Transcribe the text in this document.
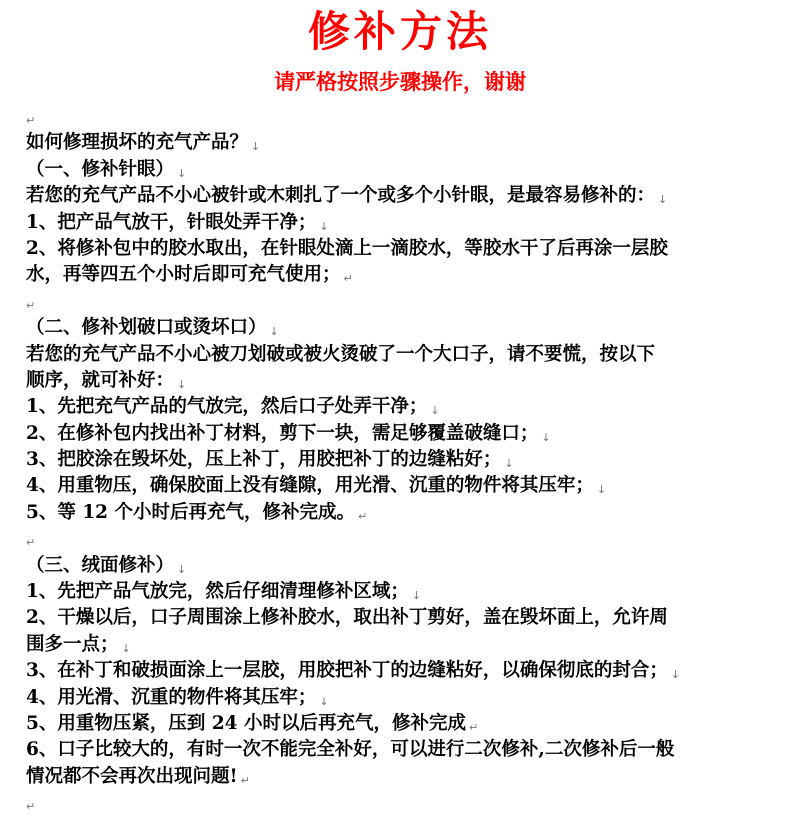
修补方法
请严格按照步骤操作，谢谢
↵
如何修理损坏的充气产品？ ↓
（一、修补针眼） ↓
若您的充气产品不小心被针或木刺扎了一个或多个小针眼，是最容易修补的： ↓
1、把产品气放干，针眼处弄干净； ↓
2、将修补包中的胶水取出，在针眼处滴上一滴胶水，等胶水干了后再涂一层胶
水，再等四五个小时后即可充气使用； ↵
↵
（二、修补划破口或烫坏口） ↓
若您的充气产品不小心被刀划破或被火烫破了一个大口子，请不要慌，按以下
顺序，就可补好： ↓
1、先把充气产品的气放完，然后口子处弄干净； ↓
2、在修补包内找出补丁材料，剪下一块，需足够覆盖破缝口； ↓
3、把胶涂在毁坏处，压上补丁，用胶把补丁的边缝粘好； ↓
4、用重物压，确保胶面上没有缝隙，用光滑、沉重的物件将其压牢； ↓
5、等 12 个小时后再充气，修补完成。 ↵
↵
（三、绒面修补） ↓
1、先把产品气放完，然后仔细清理修补区域； ↓
2、干燥以后，口子周围涂上修补胶水，取出补丁剪好，盖在毁坏面上，允许周
围多一点； ↓
3、在补丁和破损面涂上一层胶，用胶把补丁的边缝粘好，以确保彻底的封合； ↓
4、用光滑、沉重的物件将其压牢； ↓
5、用重物压紧，压到 24 小时以后再充气，修补完成 ↵
6、口子比较大的，有时一次不能完全补好，可以进行二次修补,二次修补后一般
情况都不会再次出现问题! ↵
↵
